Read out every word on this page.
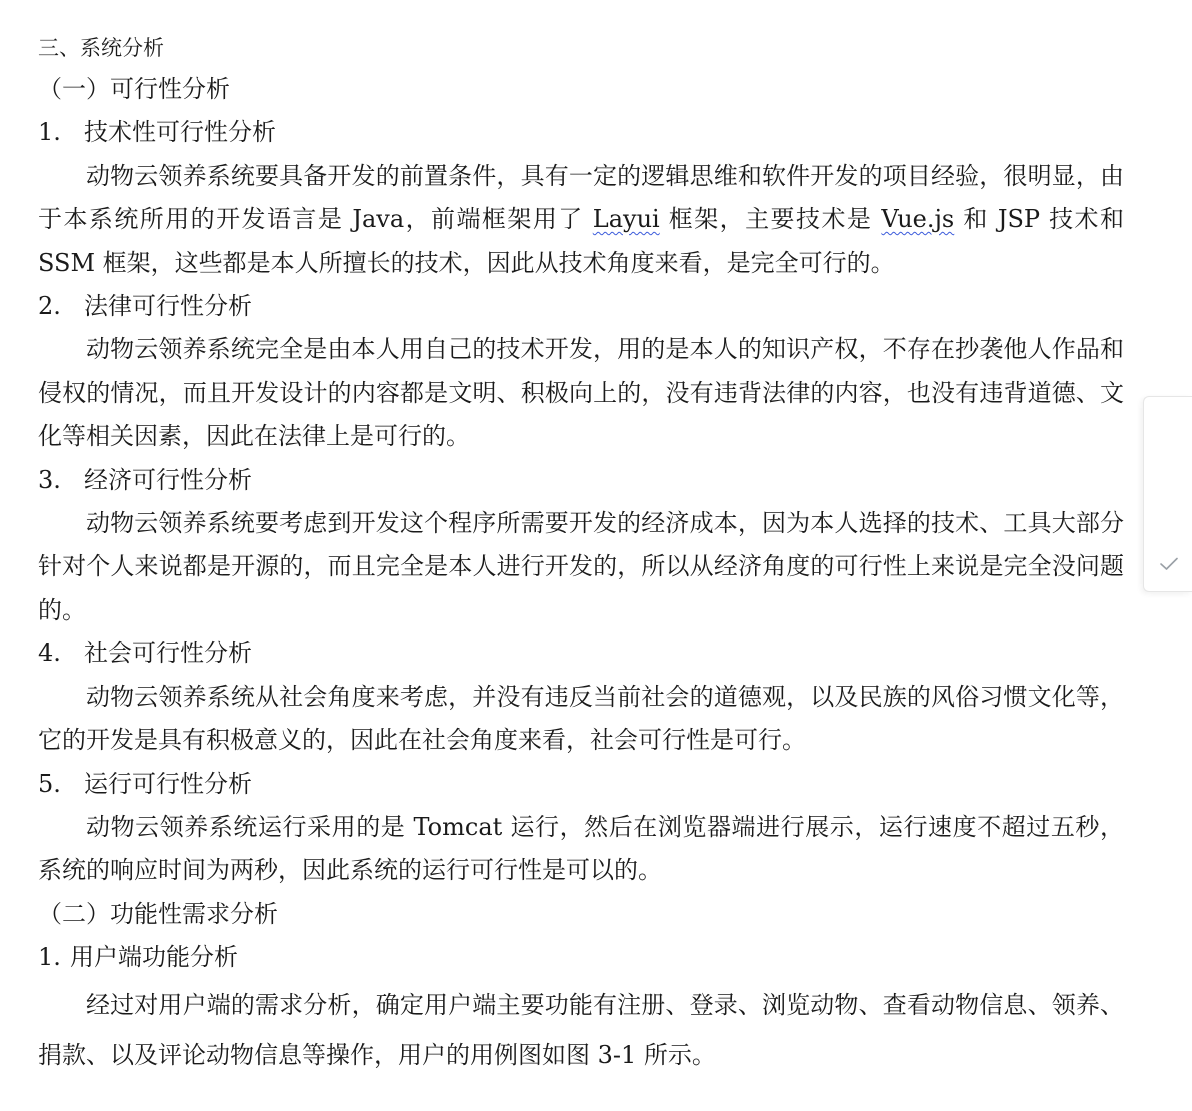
三、系统分析

（一）可行性分析

1. 技术性可行性分析

动物云领养系统要具备开发的前置条件，具有一定的逻辑思维和软件开发的项目经验，很明显，由于本系统所用的开发语言是 Java，前端框架用了 Layui 框架，主要技术是 Vue.js 和 JSP 技术和 SSM 框架，这些都是本人所擅长的技术，因此从技术角度来看，是完全可行的。

2. 法律可行性分析

动物云领养系统完全是由本人用自己的技术开发，用的是本人的知识产权，不存在抄袭他人作品和侵权的情况，而且开发设计的内容都是文明、积极向上的，没有违背法律的内容，也没有违背道德、文化等相关因素，因此在法律上是可行的。

3. 经济可行性分析

动物云领养系统要考虑到开发这个程序所需要开发的经济成本，因为本人选择的技术、工具大部分针对个人来说都是开源的，而且完全是本人进行开发的，所以从经济角度的可行性上来说是完全没问题的。

4. 社会可行性分析

动物云领养系统从社会角度来考虑，并没有违反当前社会的道德观，以及民族的风俗习惯文化等，它的开发是具有积极意义的，因此在社会角度来看，社会可行性是可行。

5. 运行可行性分析

动物云领养系统运行采用的是 Tomcat 运行，然后在浏览器端进行展示，运行速度不超过五秒，系统的响应时间为两秒，因此系统的运行可行性是可以的。

（二）功能性需求分析

1. 用户端功能分析

经过对用户端的需求分析，确定用户端主要功能有注册、登录、浏览动物、查看动物信息、领养、捐款、以及评论动物信息等操作，用户的用例图如图 3-1 所示。
